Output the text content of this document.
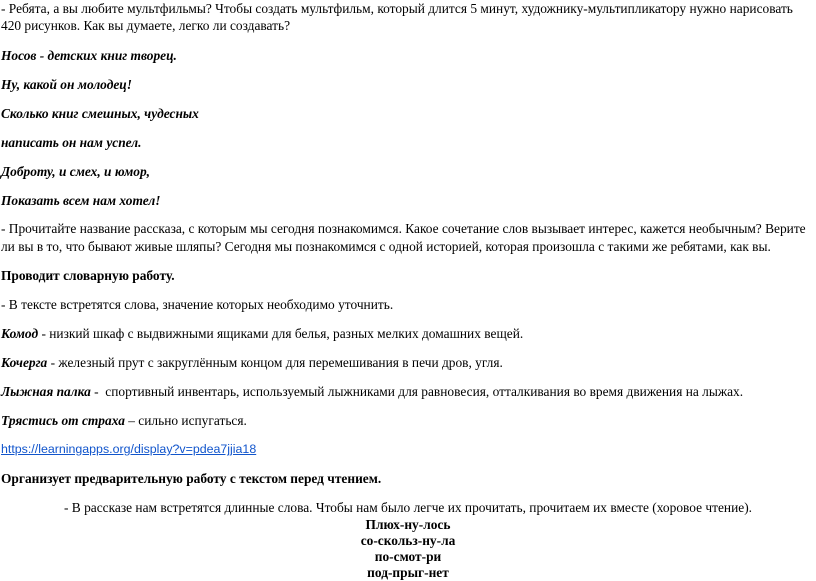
- Ребята, а вы любите мультфильмы? Чтобы создать мультфильм, который длится 5 минут, художнику-мультипликатору нужно нарисовать
420 рисунков. Как вы думаете, легко ли создавать?
Носов - детских книг творец.
Ну, какой он молодец!
Сколько книг смешных, чудесных
написать он нам успел.
Доброту, и смех, и юмор,
Показать всем нам хотел!
- Прочитайте название рассказа, с которым мы сегодня познакомимся. Какое сочетание слов вызывает интерес, кажется необычным? Верите
ли вы в то, что бывают живые шляпы? Сегодня мы познакомимся с одной историей, которая произошла с такими же ребятами, как вы.
Проводит словарную работу.
- В тексте встретятся слова, значение которых необходимо уточнить.
Комод - низкий шкаф с выдвижными ящиками для белья, разных мелких домашних вещей.
Кочерга - железный прут с закруглённым концом для перемешивания в печи дров, угля.
Лыжная палка -  спортивный инвентарь, используемый лыжниками для равновесия, отталкивания во время движения на лыжах.
Трястись от страха – сильно испугаться.
https://learningapps.org/display?v=pdea7jjia18
Организует предварительную работу с текстом перед чтением.
- В рассказе нам встретятся длинные слова. Чтобы нам было легче их прочитать, прочитаем их вместе (хоровое чтение).
Плюх-ну-лось
со-скольз-ну-ла
по-смот-ри
под-прыг-нет
